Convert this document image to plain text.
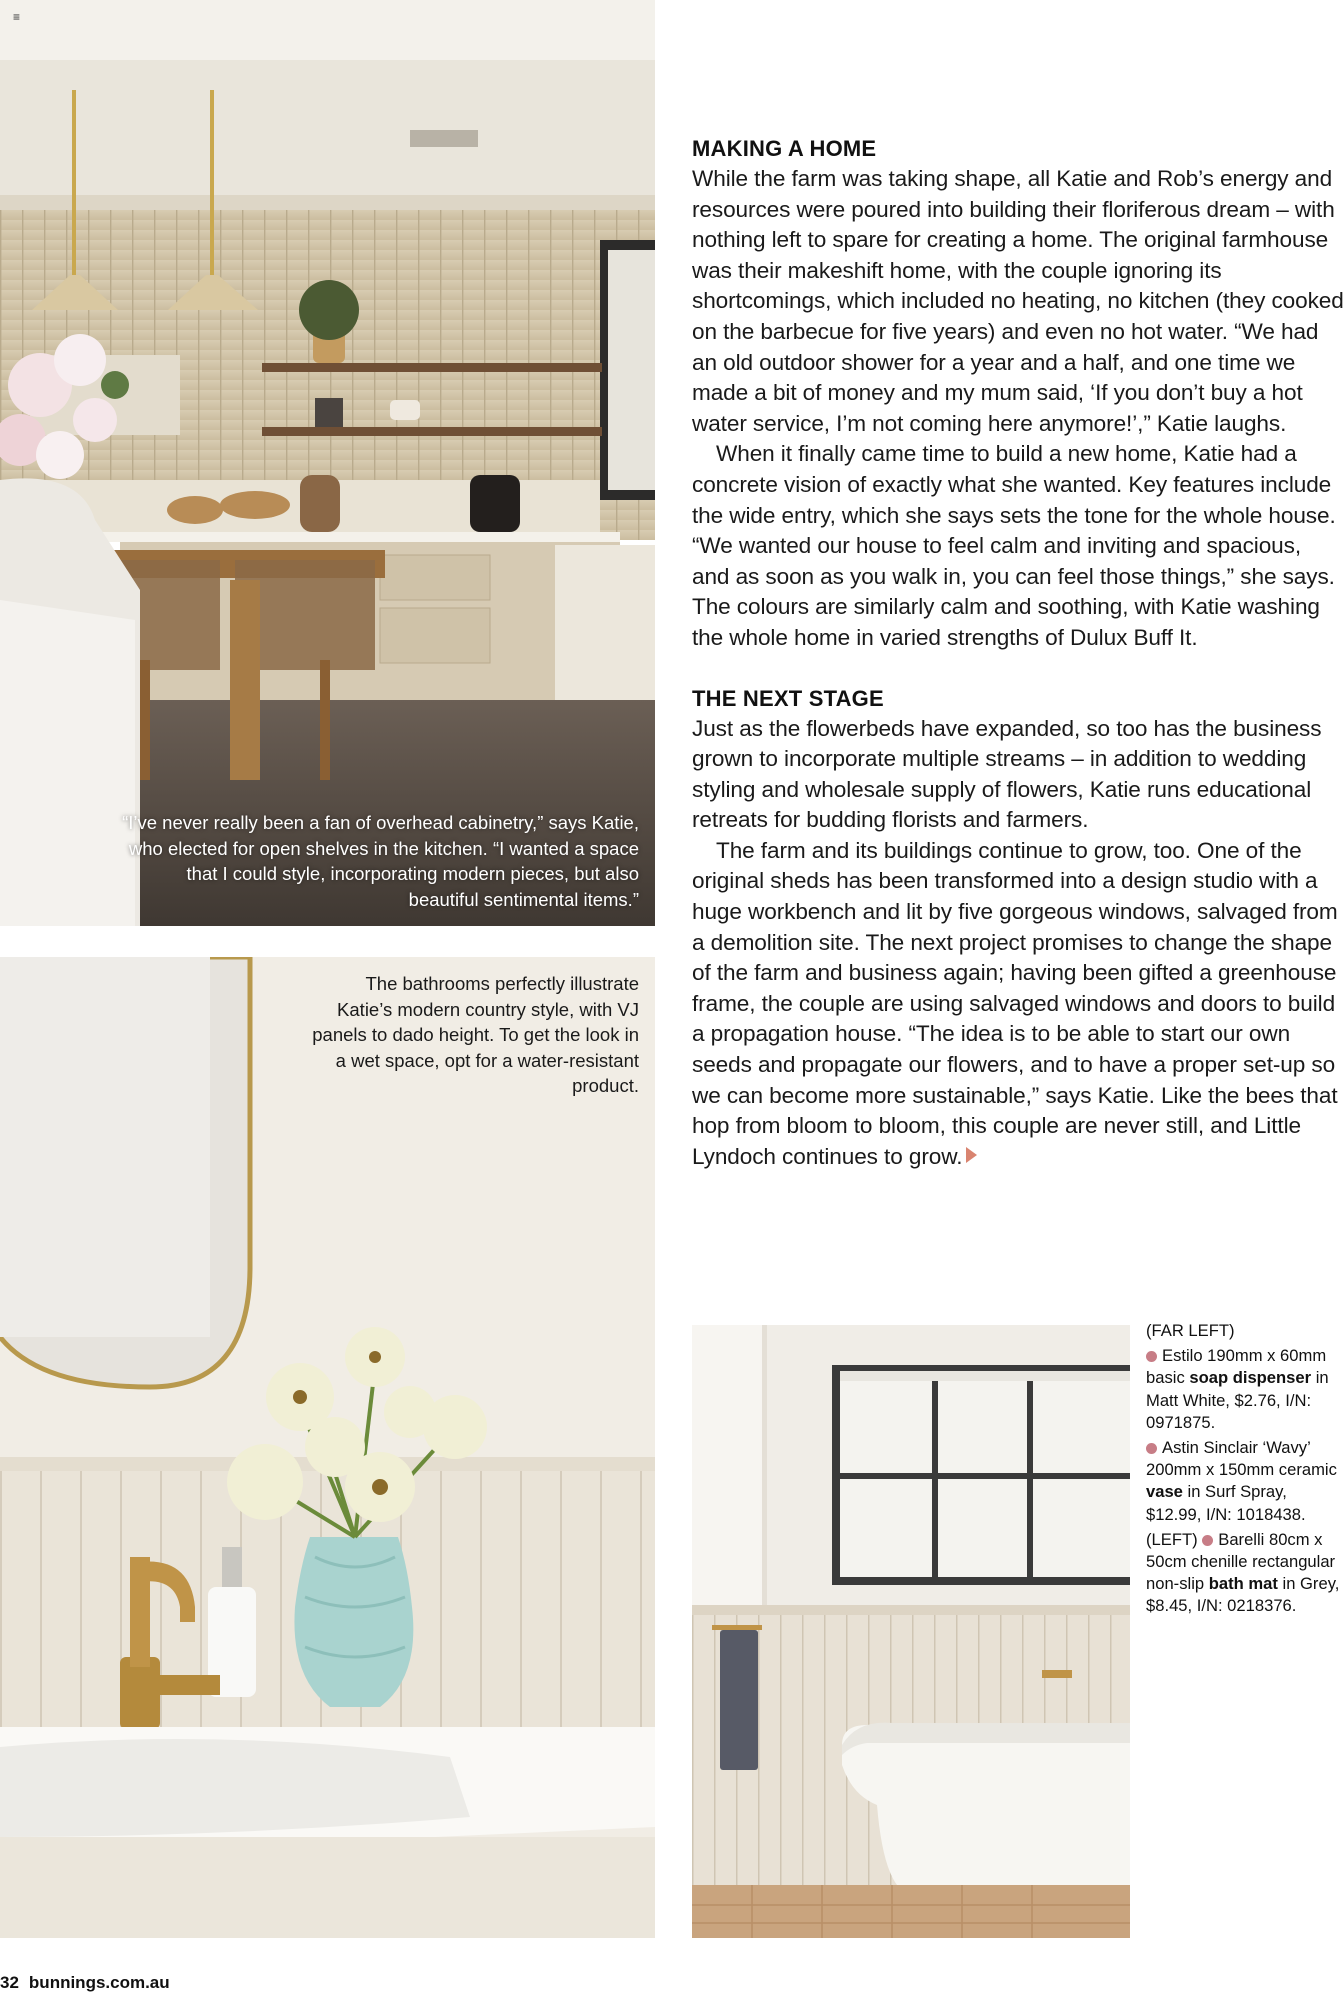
≡
“I’ve never really been a fan of overhead cabinetry,” says Katie, who elected for open shelves in the kitchen. “I wanted a space that I could style, incorporating modern pieces, but also beautiful sentimental items.”
The bathrooms perfectly illustrate Katie’s modern country style, with VJ panels to dado height. To get the look in a wet space, opt for a water-resistant product.
MAKING A HOME

While the farm was taking shape, all Katie and Rob’s energy and resources were poured into building their floriferous dream – with nothing left to spare for creating a home. The original farmhouse was their makeshift home, with the couple ignoring its shortcomings, which included no heating, no kitchen (they cooked on the barbecue for five years) and even no hot water. “We had an old outdoor shower for a year and a half, and one time we made a bit of money and my mum said, ‘If you don’t buy a hot water service, I’m not coming here anymore!’,” Katie laughs.

When it finally came time to build a new home, Katie had a concrete vision of exactly what she wanted. Key features include the wide entry, which she says sets the tone for the whole house. “We wanted our house to feel calm and inviting and spacious, and as soon as you walk in, you can feel those things,” she says. The colours are similarly calm and soothing, with Katie washing the whole home in varied strengths of Dulux Buff It.

THE NEXT STAGE

Just as the flowerbeds have expanded, so too has the business grown to incorporate multiple streams – in addition to wedding styling and wholesale supply of flowers, Katie runs educational retreats for budding florists and farmers.

The farm and its buildings continue to grow, too. One of the original sheds has been transformed into a design studio with a huge workbench and lit by five gorgeous windows, salvaged from a demolition site. The next project promises to change the shape of the farm and business again; having been gifted a greenhouse frame, the couple are using salvaged windows and doors to build a propagation house. “The idea is to be able to start our own seeds and propagate our flowers, and to have a proper set-up so we can become more sustainable,” says Katie. Like the bees that hop from bloom to bloom, this couple are never still, and Little Lyndoch continues to grow.

(FAR LEFT)
Estilo 190mm x 60mm basic soap dispenser in Matt White, $2.76, I/N: 0971875.
Astin Sinclair ‘Wavy’ 200mm x 150mm ceramic vase in Surf Spray, $12.99, I/N: 1018438.
(LEFT) Barelli 80cm x 50cm chenille rectangular non-slip bath mat in Grey, $8.45, I/N: 0218376.
32 bunnings.com.au
